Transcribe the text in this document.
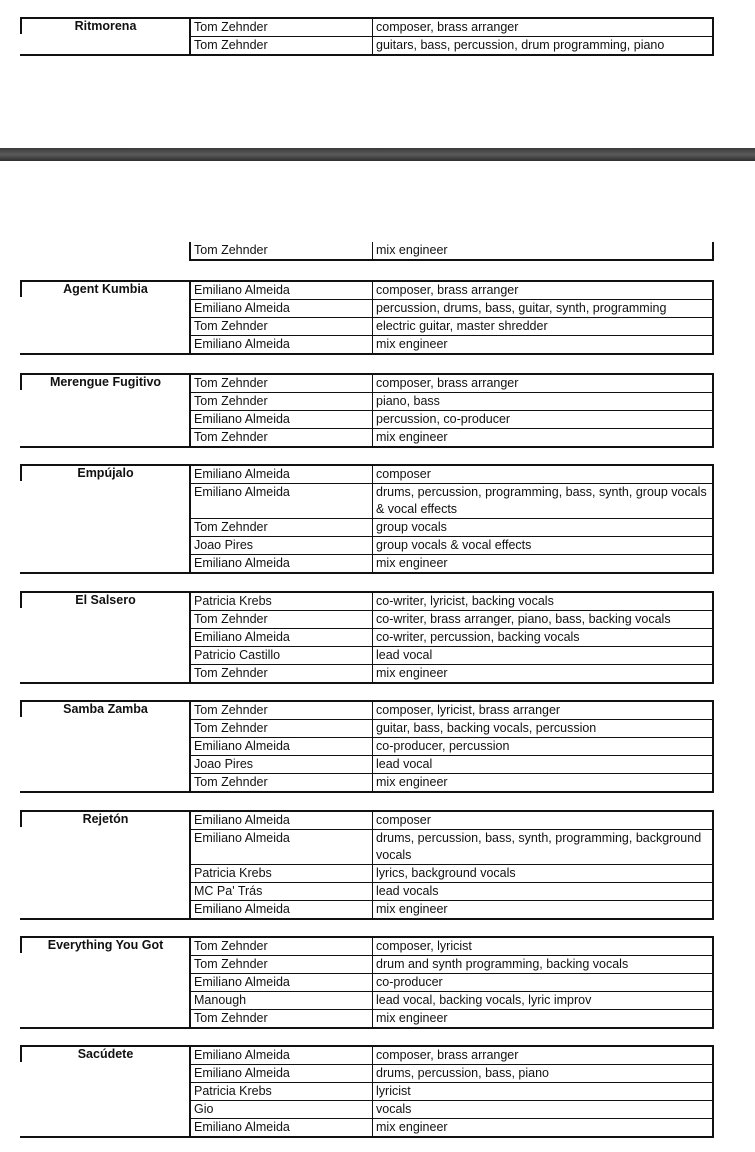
Tom Zehnder	composer, brass arranger
Tom Zehnder	guitars, bass, percussion, drum programming, piano
Ritmorena
Tom Zehnder	mix engineer
Emiliano Almeida	composer, brass arranger
Emiliano Almeida	percussion, drums, bass, guitar, synth, programming
Tom Zehnder	electric guitar, master shredder
Emiliano Almeida	mix engineer
Agent Kumbia
Tom Zehnder	composer, brass arranger
Tom Zehnder	piano, bass
Emiliano Almeida	percussion, co-producer
Tom Zehnder	mix engineer
Merengue Fugitivo
Emiliano Almeida	composer
Emiliano Almeida	drums, percussion, programming, bass, synth, group vocals & vocal effects
Tom Zehnder	group vocals
Joao Pires	group vocals & vocal effects
Emiliano Almeida	mix engineer
Empújalo
Patricia Krebs	co-writer, lyricist, backing vocals
Tom Zehnder	co-writer, brass arranger, piano, bass, backing vocals
Emiliano Almeida	co-writer, percussion, backing vocals
Patricio Castillo	lead vocal
Tom Zehnder	mix engineer
El Salsero
Tom Zehnder	composer, lyricist, brass arranger
Tom Zehnder	guitar, bass, backing vocals, percussion
Emiliano Almeida	co-producer, percussion
Joao Pires	lead vocal
Tom Zehnder	mix engineer
Samba Zamba
Emiliano Almeida	composer
Emiliano Almeida	drums, percussion, bass, synth, programming, background vocals
Patricia Krebs	lyrics, background vocals
MC Pa' Trás	lead vocals
Emiliano Almeida	mix engineer
Rejetón
Tom Zehnder	composer, lyricist
Tom Zehnder	drum and synth programming, backing vocals
Emiliano Almeida	co-producer
Manough	lead vocal, backing vocals, lyric improv
Tom Zehnder	mix engineer
Everything You Got
Emiliano Almeida	composer, brass arranger
Emiliano Almeida	drums, percussion, bass, piano
Patricia Krebs	lyricist
Gio	vocals
Emiliano Almeida	mix engineer
Sacúdete
